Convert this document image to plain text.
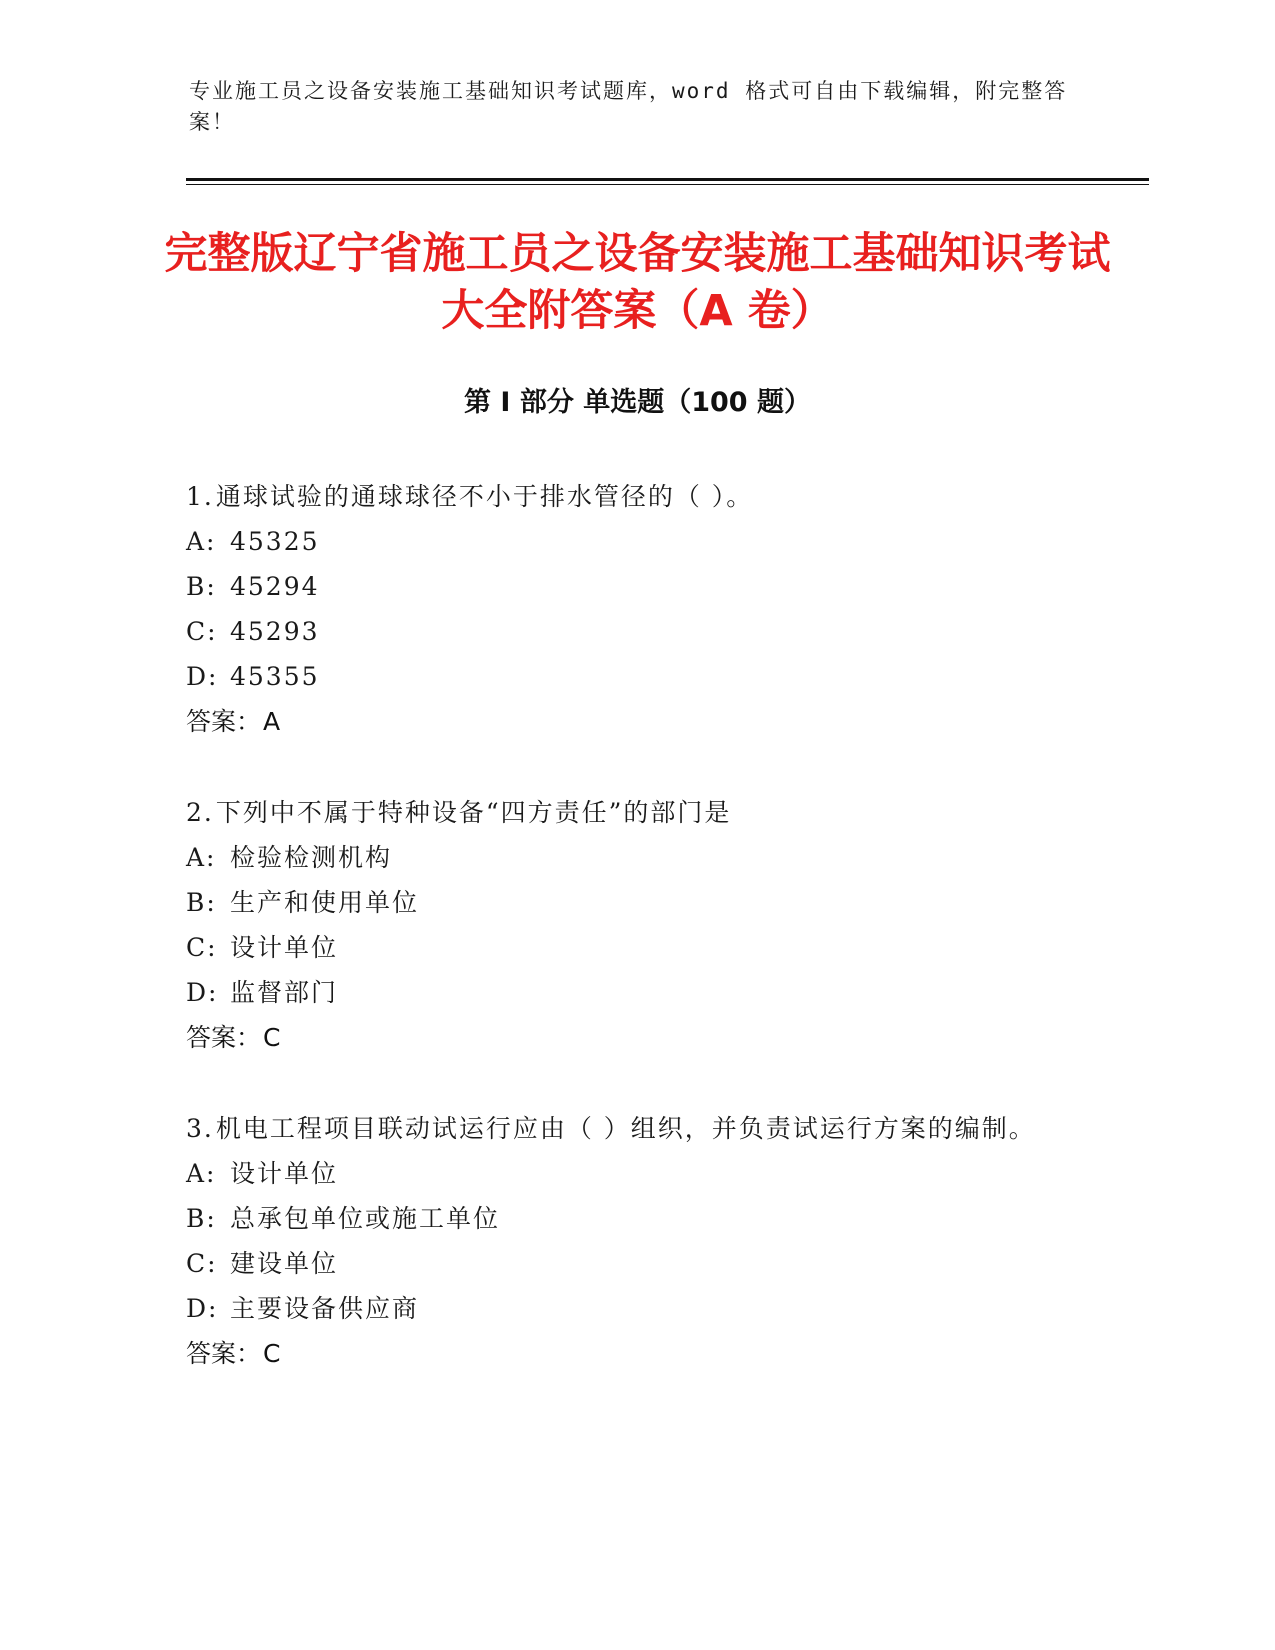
专业施工员之设备安装施工基础知识考试题库，word 格式可自由下载编辑，附完整答案！
完整版辽宁省施工员之设备安装施工基础知识考试大全附答案（A 卷）
第 I 部分 单选题（100 题）
1.通球试验的通球球径不小于排水管径的（ ）。
A: 45325
B: 45294
C: 45293
D: 45355
答案：A
2.下列中不属于特种设备“四方责任”的部门是
A: 检验检测机构
B: 生产和使用单位
C: 设计单位
D: 监督部门
答案：C
3.机电工程项目联动试运行应由（ ）组织，并负责试运行方案的编制。
A: 设计单位
B: 总承包单位或施工单位
C: 建设单位
D: 主要设备供应商
答案：C
